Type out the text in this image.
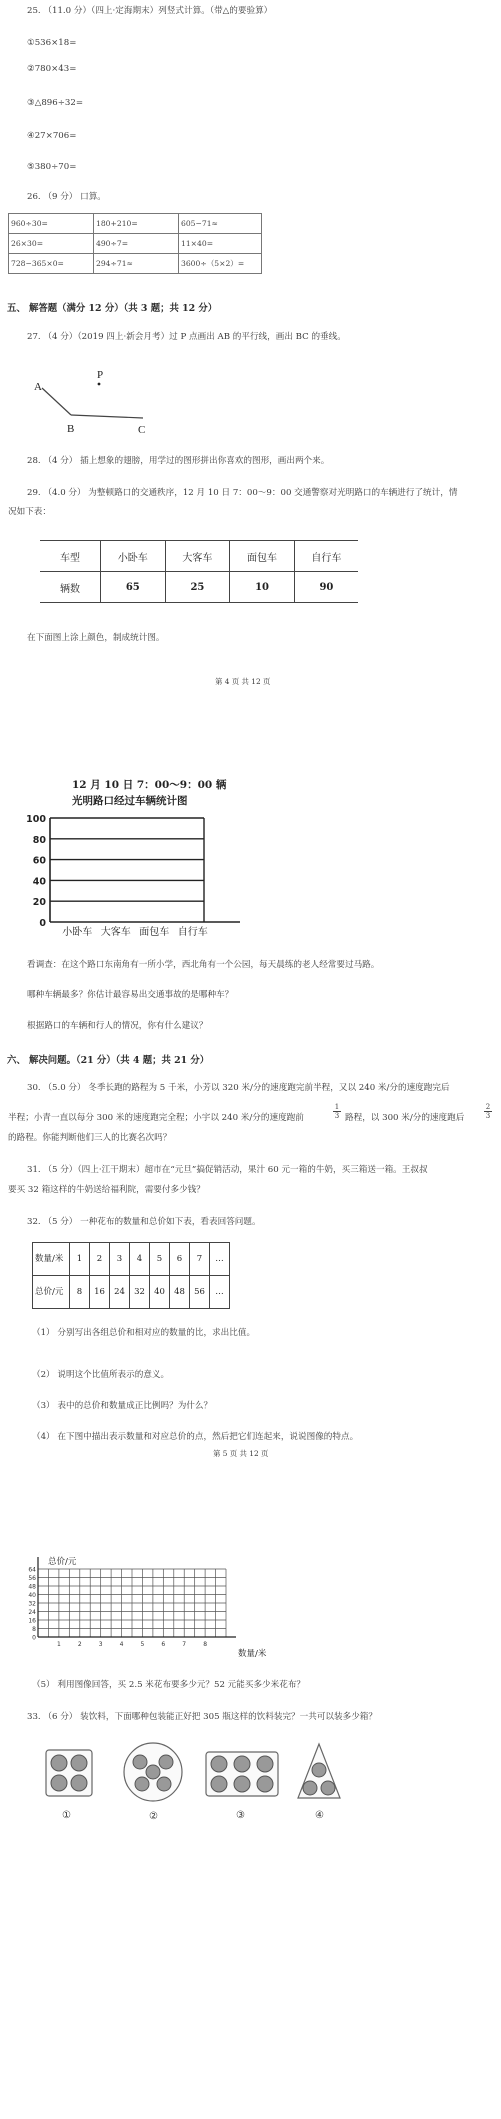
25. （11.0 分）（四上·定海期末）列竖式计算。（带△的要验算）
①536×18=
②780×43=
③△896÷32=
④27×706=
⑤380÷70=
26. （9 分） 口算。
960÷30=	180+210=	605−71≈
26×30=	490÷7=	11×40=
728−365×0=	294÷71≈	3600÷（5×2）=
五、 解答题（满分 12 分）（共 3 题；共 12 分）
27. （4 分）（2019 四上·新会月考）过 P 点画出 AB 的平行线，画出 BC 的垂线。
A
B	C
P
28. （4 分） 插上想象的翅膀，用学过的图形拼出你喜欢的图形，画出两个来。
29. （4.0 分） 为整顿路口的交通秩序，12 月 10 日 7：00～9：00 交通警察对光明路口的车辆进行了统计，情
况如下表：
车型	小卧车	大客车	面包车	自行车
辆数	65	25	10	90
在下面图上涂上颜色，制成统计图。
第 4 页 共 12 页
12 月 10 日 7：00～9：00 辆
光明路口经过车辆统计图
100
80
60
40
20
0
小卧车 大客车 面包车 自行车
看调查：在这个路口东南角有一所小学，西北角有一个公园，每天晨练的老人经常要过马路。
哪种车辆最多？你估计最容易出交通事故的是哪种车？
根据路口的车辆和行人的情况，你有什么建议？
六、 解决问题。（21 分）（共 4 题；共 21 分）
30. （5.0 分） 冬季长跑的路程为 5 千米，小芳以 320 米/分的速度跑完前半程，又以 240 米/分的速度跑完后
半程；小青一直以每分 300 米的速度跑完全程；小宇以 240 米/分的速度跑前	$\frac{1}{3}$ 路程，以 300 米/分的速度跑后	$\frac{2}{3}$
的路程。你能判断他们三人的比赛名次吗？
31. （5 分）（四上·江干期末）超市在“元旦”搞促销活动，果汁 60 元一箱的牛奶，买三箱送一箱。王叔叔
要买 32 箱这样的牛奶送给福利院，需要付多少钱？
32. （5 分） 一种花布的数量和总价如下表，看表回答问题。
数量/米	1	2	3	4	5	6	7	…
总价/元	8	16	24	32	40	48	56	…
（1） 分别写出各组总价和相对应的数量的比，求出比值。
（2） 说明这个比值所表示的意义。
（3） 表中的总价和数量成正比例吗？为什么？
（4） 在下图中描出表示数量和对应总价的点，然后把它们连起来，说说图像的特点。
第 5 页 共 12 页
总价/元
数量/米
64
56
48
40
32
24
16
8
0
1	2	3	4	5	6	7	8
（5） 利用图像回答，买 2.5 米花布要多少元？52 元能买多少米花布？
33. （6 分） 装饮料，下面哪种包装能正好把 305 瓶这样的饮料装完？一共可以装多少箱？
①	②	③	④
